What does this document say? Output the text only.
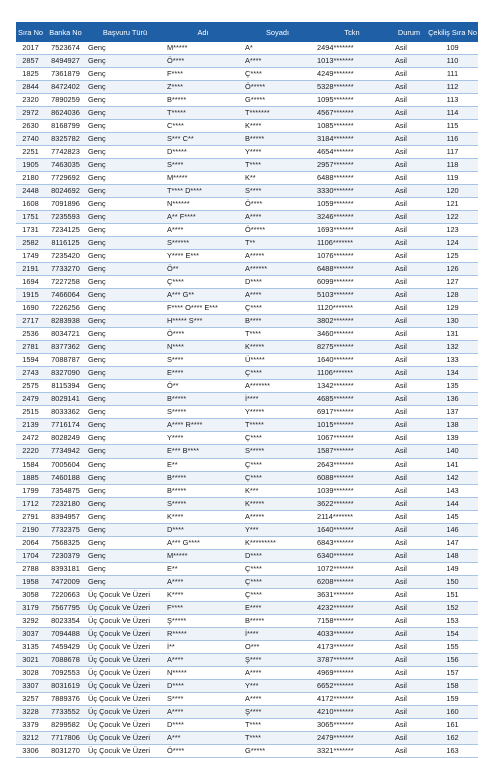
Sıra No	Banka No	Başvuru Türü	Adı	Soyadı	Tckn	Durum	Çekiliş Sıra No
2017	7523674	Genç	M*****	A*	2494*******	Asil	109
2857	8494927	Genç	Ö****	A****	1013*******	Asil	110
1825	7361879	Genç	F****	Ç****	4249*******	Asil	111
2844	8472402	Genç	Z****	Ö*****	5328*******	Asil	112
2320	7890259	Genç	B*****	G*****	1095*******	Asil	113
2972	8624036	Genç	T*****	T*******	4567*******	Asil	114
2630	8168799	Genç	C****	K****	1085*******	Asil	115
2740	8325782	Genç	S*** C**	B*****	3184*******	Asil	116
2251	7742823	Genç	D*****	Y****	4654*******	Asil	117
1905	7463035	Genç	S****	T****	2957*******	Asil	118
2180	7729692	Genç	M*****	K**	6488*******	Asil	119
2448	8024692	Genç	T**** D****	S****	3330*******	Asil	120
1608	7091896	Genç	N******	Ö****	1059*******	Asil	121
1751	7235593	Genç	A** F****	A****	3246*******	Asil	122
1731	7234125	Genç	A****	Ö*****	1693*******	Asil	123
2582	8116125	Genç	S******	T**	1106*******	Asil	124
1749	7235420	Genç	Y**** E***	A*****	1076*******	Asil	125
2191	7733270	Genç	Ö**	A******	6488*******	Asil	126
1694	7227258	Genç	Ç****	D****	6099*******	Asil	127
1915	7466064	Genç	A*** G**	A****	5103*******	Asil	128
1690	7226256	Genç	F**** O**** E***	Ç****	1120*******	Asil	129
2717	8283938	Genç	H***** S***	B****	3802*******	Asil	130
2536	8034721	Genç	Ö****	T****	3460*******	Asil	131
2781	8377362	Genç	N****	K*****	8275*******	Asil	132
1594	7088787	Genç	S****	Ü*****	1640*******	Asil	133
2743	8327090	Genç	E****	Ç****	1106*******	Asil	134
2575	8115394	Genç	Ö**	A*******	1342*******	Asil	135
2479	8029141	Genç	B*****	İ****	4685*******	Asil	136
2515	8033362	Genç	S*****	Y*****	6917*******	Asil	137
2139	7716174	Genç	A**** R****	T*****	1015*******	Asil	138
2472	8028249	Genç	Y****	Ç****	1067*******	Asil	139
2220	7734942	Genç	E*** B****	S*****	1587*******	Asil	140
1584	7005604	Genç	E**	Ç****	2643*******	Asil	141
1885	7460188	Genç	B*****	Ç****	6088*******	Asil	142
1799	7354875	Genç	B*****	K***	1039*******	Asil	143
1712	7232180	Genç	S*****	K*****	3622*******	Asil	144
2791	8394957	Genç	K****	A*****	2114*******	Asil	145
2190	7732375	Genç	D****	Y***	1640*******	Asil	146
2064	7568325	Genç	A*** G****	K*********	6843*******	Asil	147
1704	7230379	Genç	M*****	D****	6340*******	Asil	148
2788	8393181	Genç	E**	Ç****	1072*******	Asil	149
1958	7472009	Genç	A****	Ç****	6208*******	Asil	150
3058	7220663	Üç Çocuk Ve Üzeri	K****	Ç****	3631*******	Asil	151
3179	7567795	Üç Çocuk Ve Üzeri	F****	E****	4232*******	Asil	152
3292	8023354	Üç Çocuk Ve Üzeri	Ş*****	B*****	7158*******	Asil	153
3037	7094488	Üç Çocuk Ve Üzeri	R*****	İ****	4033*******	Asil	154
3135	7459429	Üç Çocuk Ve Üzeri	İ**	O***	4173*******	Asil	155
3021	7088678	Üç Çocuk Ve Üzeri	A****	Ş****	3787*******	Asil	156
3028	7092553	Üç Çocuk Ve Üzeri	N*****	A****	4969*******	Asil	157
3307	8031619	Üç Çocuk Ve Üzeri	D****	Y***	6652*******	Asil	158
3257	7889376	Üç Çocuk Ve Üzeri	S****	A****	4172*******	Asil	159
3228	7733552	Üç Çocuk Ve Üzeri	A****	Ş****	4210*******	Asil	160
3379	8299582	Üç Çocuk Ve Üzeri	D****	T****	3065*******	Asil	161
3212	7717806	Üç Çocuk Ve Üzeri	A***	T****	2479*******	Asil	162
3306	8031270	Üç Çocuk Ve Üzeri	Ö****	G*****	3321*******	Asil	163
